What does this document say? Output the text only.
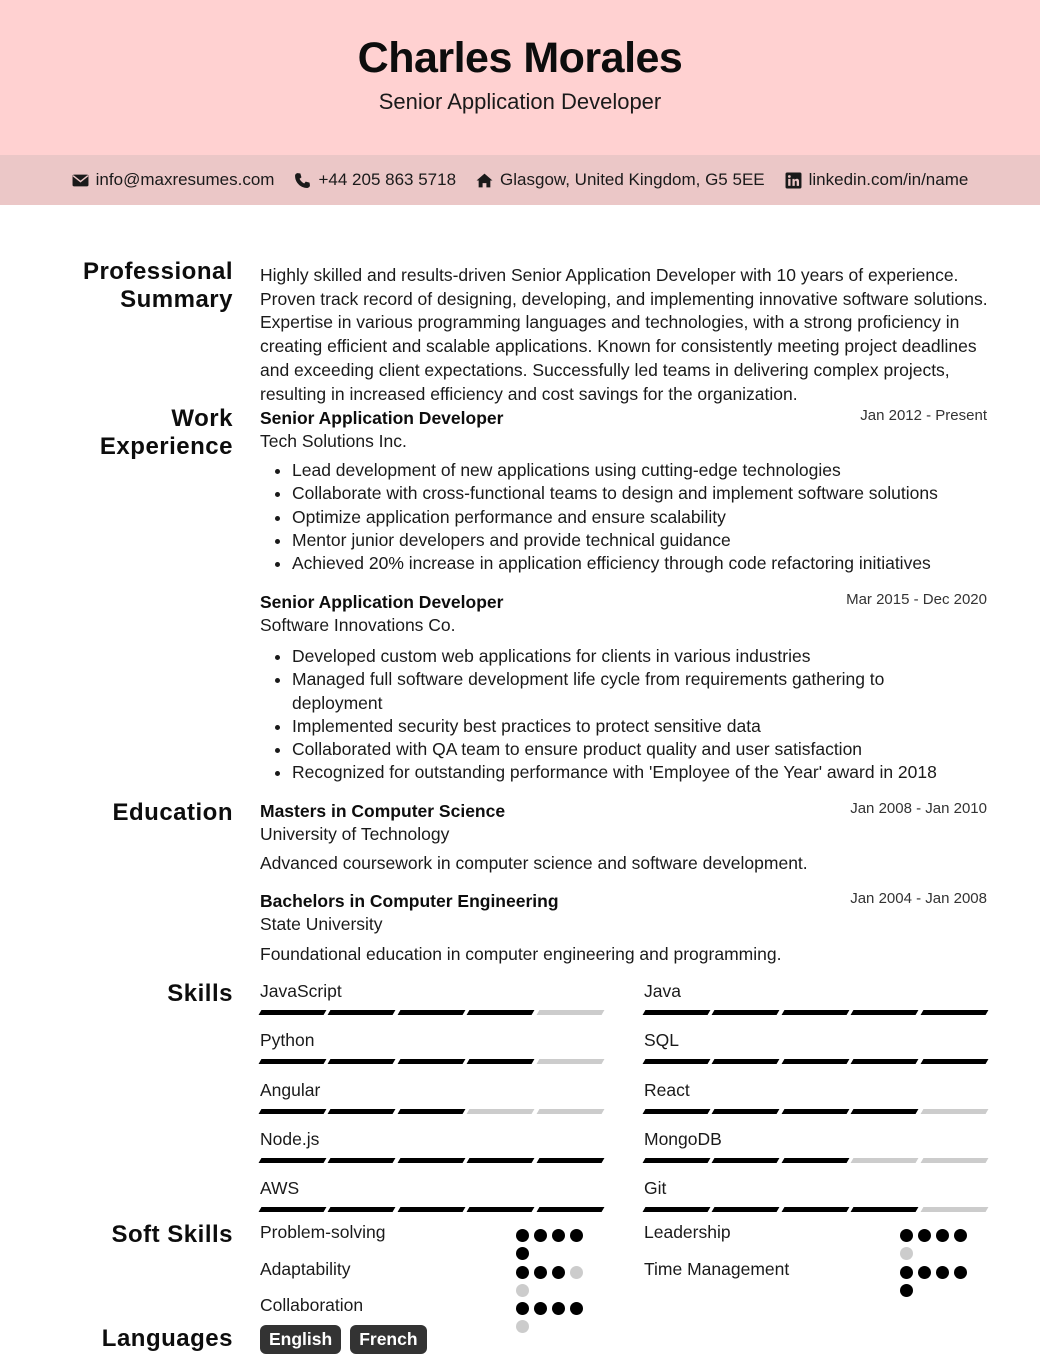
Charles Morales
Senior Application Developer
info@maxresumes.com	+44 205 863 5718	Glasgow, United Kingdom, G5 5EE	linkedin.com/in/name
Professional Summary
Highly skilled and results-driven Senior Application Developer with 10 years of experience. Proven track record of designing, developing, and implementing innovative software solutions. Expertise in various programming languages and technologies, with a strong proficiency in creating efficient and scalable applications. Known for consistently meeting project deadlines and exceeding client expectations. Successfully led teams in delivering complex projects, resulting in increased efficiency and cost savings for the organization.
Work Experience
Senior Application Developer	Jan 2012 - Present
Tech Solutions Inc.
• Lead development of new applications using cutting-edge technologies
• Collaborate with cross-functional teams to design and implement software solutions
• Optimize application performance and ensure scalability
• Mentor junior developers and provide technical guidance
• Achieved 20% increase in application efficiency through code refactoring initiatives
Senior Application Developer	Mar 2015 - Dec 2020
Software Innovations Co.
• Developed custom web applications for clients in various industries
• Managed full software development life cycle from requirements gathering to deployment
• Implemented security best practices to protect sensitive data
• Collaborated with QA team to ensure product quality and user satisfaction
• Recognized for outstanding performance with 'Employee of the Year' award in 2018
Education Masters in Computer Science	Jan 2008 - Jan 2010
University of Technology
Advanced coursework in computer science and software development.
Bachelors in Computer Engineering	Jan 2004 - Jan 2008
State University
Foundational education in computer engineering and programming.
Skills JavaScript	Java
Python	SQL
Angular	React
Node.js	MongoDB
AWS	Git
Soft Skills Problem-solving	Leadership
Adaptability	Time Management
Collaboration
Languages	English	French
